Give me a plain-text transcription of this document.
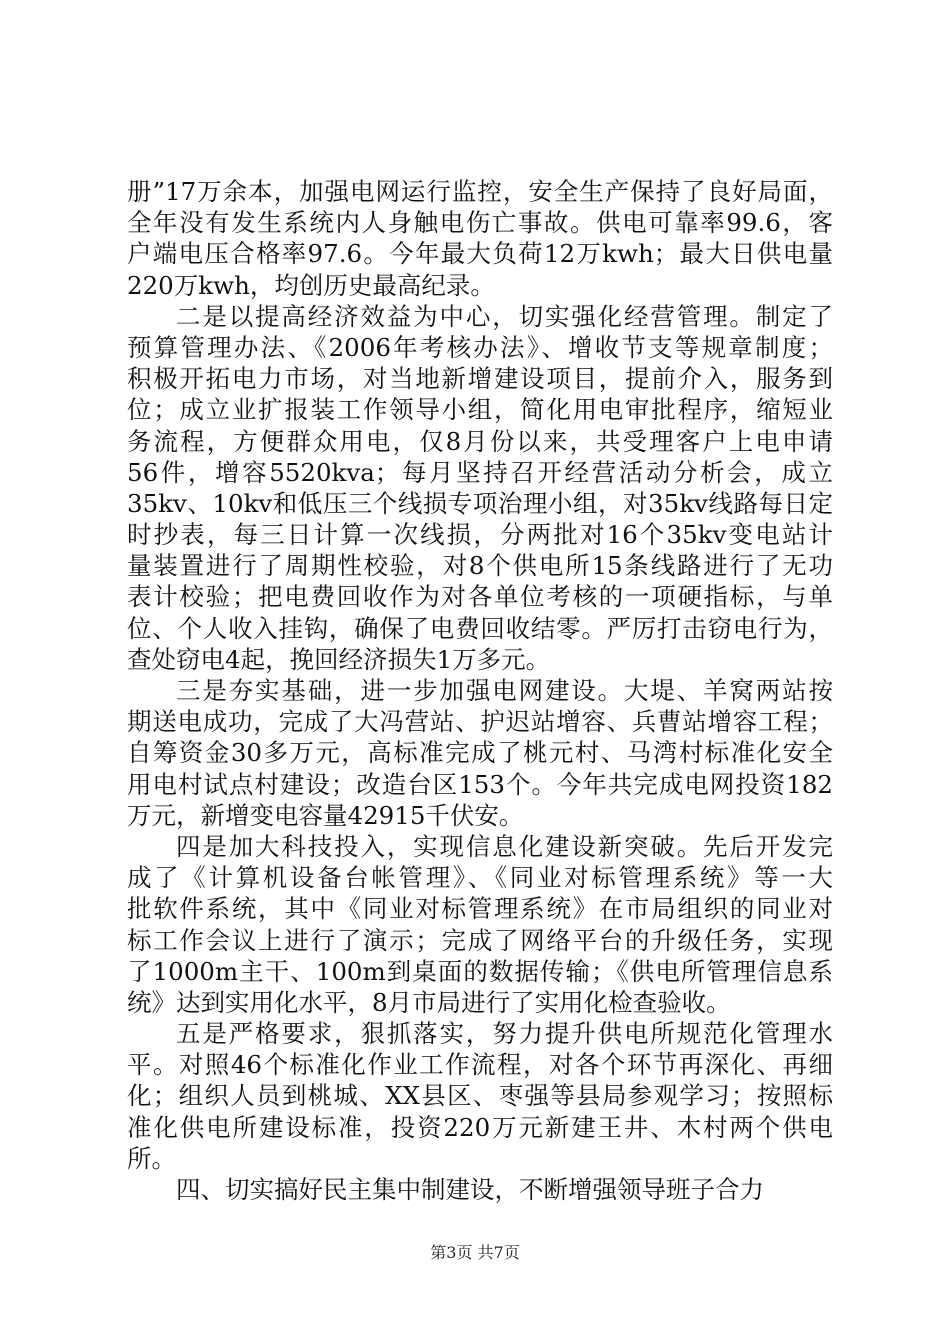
册”17万余本，加强电网运行监控，安全生产保持了良好局面，
全年没有发生系统内人身触电伤亡事故。供电可靠率99.6，客
户端电压合格率97.6。今年最大负荷12万kwh；最大日供电量
220万kwh，均创历史最高纪录。
二是以提高经济效益为中心，切实强化经营管理。制定了
预算管理办法、《2006年考核办法》、增收节支等规章制度；
积极开拓电力市场，对当地新增建设项目，提前介入，服务到
位；成立业扩报装工作领导小组，简化用电审批程序，缩短业
务流程，方便群众用电，仅8月份以来，共受理客户上电申请
56件，增容5520kva；每月坚持召开经营活动分析会，成立
35kv、10kv和低压三个线损专项治理小组，对35kv线路每日定
时抄表，每三日计算一次线损，分两批对16个35kv变电站计
量装置进行了周期性校验，对8个供电所15条线路进行了无功
表计校验；把电费回收作为对各单位考核的一项硬指标，与单
位、个人收入挂钩，确保了电费回收结零。严厉打击窃电行为，
查处窃电4起，挽回经济损失1万多元。
三是夯实基础，进一步加强电网建设。大堤、羊窝两站按
期送电成功，完成了大冯营站、护迟站增容、兵曹站增容工程；
自筹资金30多万元，高标准完成了桃元村、马湾村标准化安全
用电村试点村建设；改造台区153个。今年共完成电网投资182
万元，新增变电容量42915千伏安。
四是加大科技投入，实现信息化建设新突破。先后开发完
成了《计算机设备台帐管理》、《同业对标管理系统》等一大
批软件系统，其中《同业对标管理系统》在市局组织的同业对
标工作会议上进行了演示；完成了网络平台的升级任务，实现
了1000m主干、100m到桌面的数据传输；《供电所管理信息系
统》达到实用化水平，8月市局进行了实用化检查验收。
五是严格要求，狠抓落实，努力提升供电所规范化管理水
平。对照46个标准化作业工作流程，对各个环节再深化、再细
化；组织人员到桃城、XX县区、枣强等县局参观学习；按照标
准化供电所建设标准，投资220万元新建王井、木村两个供电
所。
四、切实搞好民主集中制建设，不断增强领导班子合力
第3页 共7页
